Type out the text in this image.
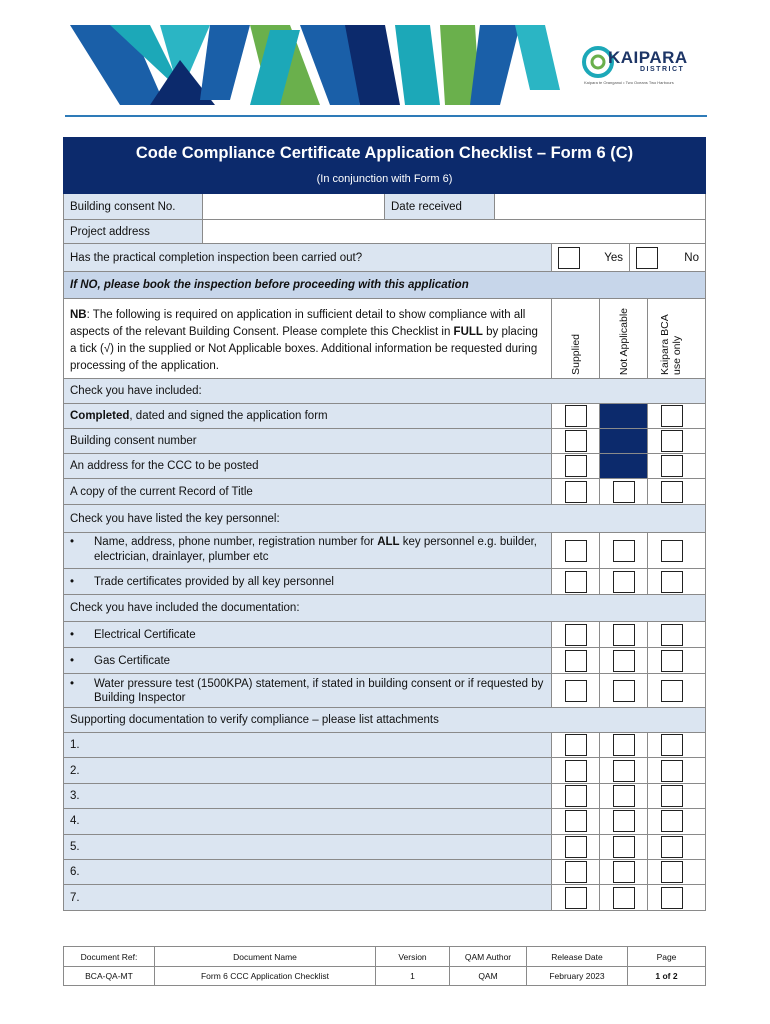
KAIPARA
DISTRICT
Kaipara te Oranganui • Two Oceans Two Harbours
Code Compliance Certificate Application Checklist – Form 6 (C)
(In conjunction with Form 6)
Building consent No.	Date received
Project address
Has the practical completion inspection been carried out?	Yes	No
If NO, please book the inspection before proceeding with this application
NB: The following is required on application in sufficient detail to show compliance with all aspects of the relevant Building Consent. Please complete this Checklist in FULL by placing a tick (√) in the supplied or Not Applicable boxes. Additional information be requested during processing of the application.	Supplied	Not Applicable	Kaipara BCA use only
Check you have included:
Completed , dated and signed the application form
Building consent number
An address for the CCC to be posted
A copy of the current Record of Title
Check you have listed the key personnel:
•	Name, address, phone number, registration number for ALL key personnel e.g. builder, electrician, drainlayer, plumber etc
•	Trade certificates provided by all key personnel
Check you have included the documentation:
•	Electrical Certificate
•	Gas Certificate
•	Water pressure test (1500KPA) statement, if stated in building consent or if requested by Building Inspector
Supporting documentation to verify compliance – please list attachments
1.
2.
3.
4.
5.
6.
7.
Document Ref:	Document Name	Version	QAM Author	Release Date	Page
BCA-QA-MT	Form 6 CCC Application Checklist	1	QAM	February 2023	1 of 2
